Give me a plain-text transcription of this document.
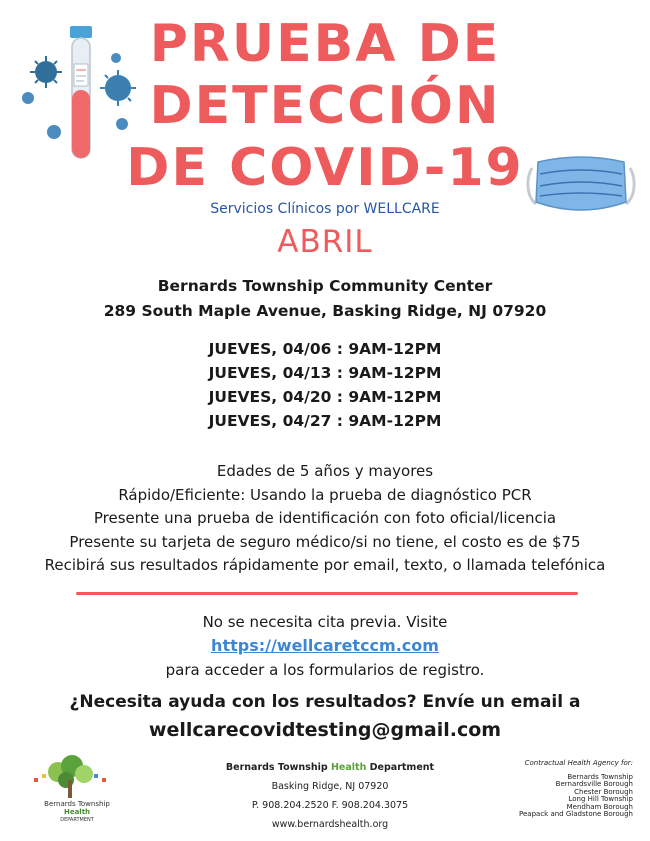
PRUEBA DE
DETECCIÓN
DE COVID-19
Servicios Clínicos por WELLCARE
ABRIL
Bernards Township Community Center
289 South Maple Avenue, Basking Ridge, NJ 07920
JUEVES, 04/06 : 9AM-12PM
JUEVES, 04/13 : 9AM-12PM
JUEVES, 04/20 : 9AM-12PM
JUEVES, 04/27 : 9AM-12PM
Edades de 5 años y mayores
Rápido/Eficiente: Usando la prueba de diagnóstico PCR
Presente una prueba de identificación con foto oficial/licencia
Presente su tarjeta de seguro médico/si no tiene, el costo es de $75
Recibirá sus resultados rápidamente por email, texto, o llamada telefónica
No se necesita cita previa. Visite
https://wellcaretccm.com
para acceder a los formularios de registro.
¿Necesita ayuda con los resultados? Envíe un email a
wellcarecovidtesting@gmail.com
Bernards Township
Health
DEPARTMENT
Bernards Township Health Department
Basking Ridge, NJ 07920
P. 908.204.2520 F. 908.204.3075
www.bernardshealth.org
Contractual Health Agency for:
Bernards Township
Bernardsville Borough
Chester Borough
Long Hill Township
Mendham Borough
Peapack and Gladstone Borough
